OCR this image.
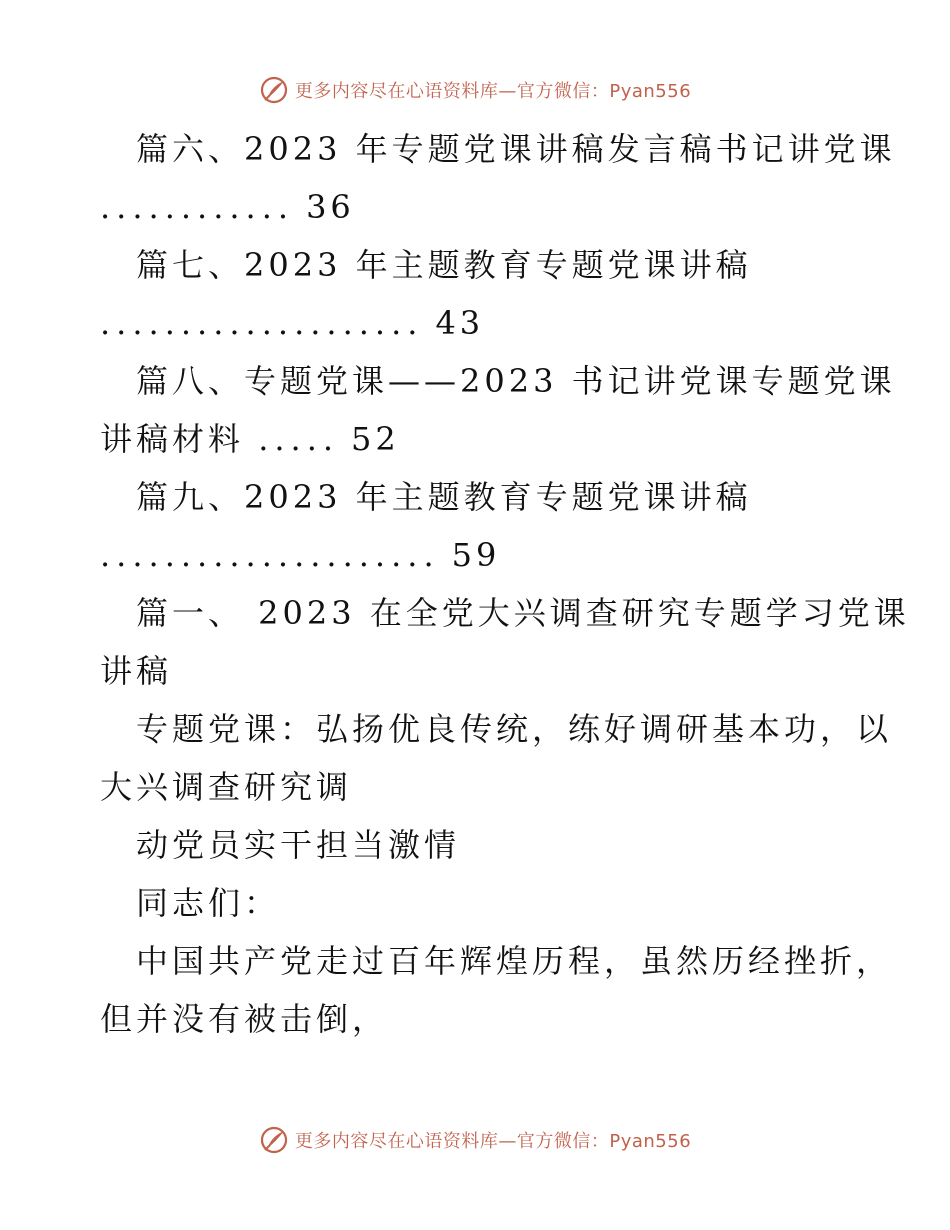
更多内容尽在心语资料库—官方微信：Pyan556
篇六、2023 年专题党课讲稿发言稿书记讲党课
............ 36
篇七、2023 年主题教育专题党课讲稿
.................... 43
篇八、专题党课——2023 书记讲党课专题党课
讲稿材料 ..... 52
篇九、2023 年主题教育专题党课讲稿
..................... 59
篇一、 2023 在全党大兴调查研究专题学习党课
讲稿
专题党课：弘扬优良传统，练好调研基本功，以
大兴调查研究调
动党员实干担当激情
同志们：
中国共产党走过百年辉煌历程，虽然历经挫折，
但并没有被击倒，
更多内容尽在心语资料库—官方微信：Pyan556
